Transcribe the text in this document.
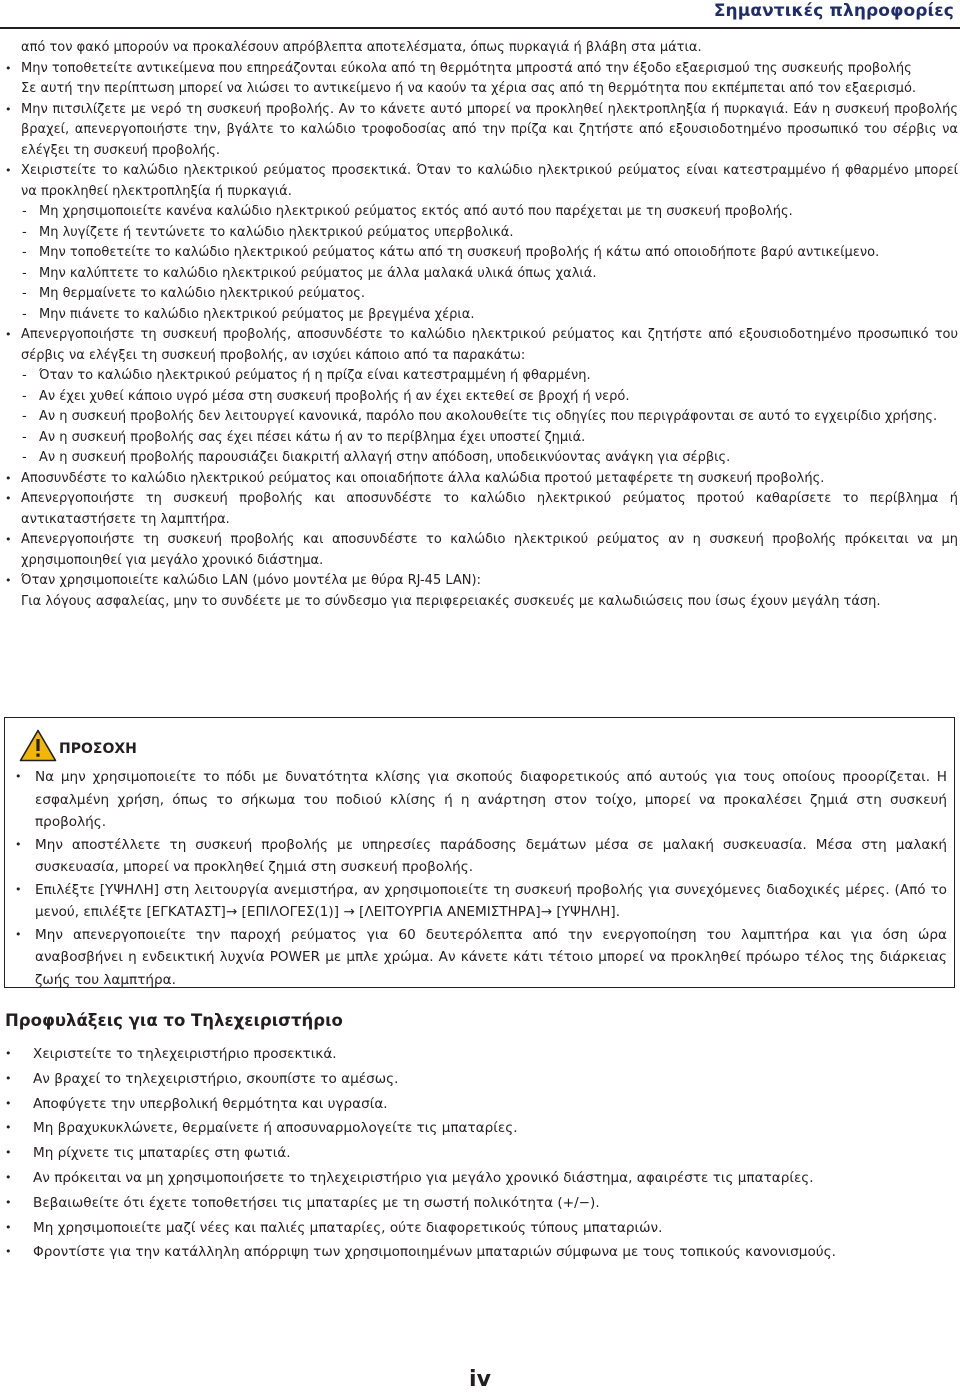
Σημαντικές πληροφορίες

από τον φακό μπορούν να προκαλέσουν απρόβλεπτα αποτελέσματα, όπως πυρκαγιά ή βλάβη στα μάτια.

• Μην τοποθετείτε αντικείμενα που επηρεάζονται εύκολα από τη θερμότητα μπροστά από την έξοδο εξαερισμού της συσκευής προβολής

Σε αυτή την περίπτωση μπορεί να λιώσει το αντικείμενο ή να καούν τα χέρια σας από τη θερμότητα που εκπέμπεται από τον εξαερισμό.

• Μην πιτσιλίζετε με νερό τη συσκευή προβολής. Αν το κάνετε αυτό μπορεί να προκληθεί ηλεκτροπληξία ή πυρκαγιά. Εάν η συσκευή προβολής βραχεί, απενεργοποιήστε την, βγάλτε το καλώδιο τροφοδοσίας από την πρίζα και ζητήστε από εξουσιοδοτημένο προσωπικό του σέρβις να ελέγξει τη συσκευή προβολής.

• Χειριστείτε το καλώδιο ηλεκτρικού ρεύματος προσεκτικά. Όταν το καλώδιο ηλεκτρικού ρεύματος είναι κατεστραμμένο ή φθαρμένο μπορεί να προκληθεί ηλεκτροπληξία ή πυρκαγιά.

- Μη χρησιμοποιείτε κανένα καλώδιο ηλεκτρικού ρεύματος εκτός από αυτό που παρέχεται με τη συσκευή προβολής.

- Μη λυγίζετε ή τεντώνετε το καλώδιο ηλεκτρικού ρεύματος υπερβολικά.

- Μην τοποθετείτε το καλώδιο ηλεκτρικού ρεύματος κάτω από τη συσκευή προβολής ή κάτω από οποιοδήποτε βαρύ αντικείμενο.

- Μην καλύπτετε το καλώδιο ηλεκτρικού ρεύματος με άλλα μαλακά υλικά όπως χαλιά.

- Μη θερμαίνετε το καλώδιο ηλεκτρικού ρεύματος.

- Μην πιάνετε το καλώδιο ηλεκτρικού ρεύματος με βρεγμένα χέρια.

• Απενεργοποιήστε τη συσκευή προβολής, αποσυνδέστε το καλώδιο ηλεκτρικού ρεύματος και ζητήστε από εξουσιοδοτημένο προσωπικό του σέρβις να ελέγξει τη συσκευή προβολής, αν ισχύει κάποιο από τα παρακάτω:

- Όταν το καλώδιο ηλεκτρικού ρεύματος ή η πρίζα είναι κατεστραμμένη ή φθαρμένη.

- Αν έχει χυθεί κάποιο υγρό μέσα στη συσκευή προβολής ή αν έχει εκτεθεί σε βροχή ή νερό.

- Αν η συσκευή προβολής δεν λειτουργεί κανονικά, παρόλο που ακολουθείτε τις οδηγίες που περιγράφονται σε αυτό το εγχειρίδιο χρήσης.

- Αν η συσκευή προβολής σας έχει πέσει κάτω ή αν το περίβλημα έχει υποστεί ζημιά.

- Αν η συσκευή προβολής παρουσιάζει διακριτή αλλαγή στην απόδοση, υποδεικνύοντας ανάγκη για σέρβις.

• Αποσυνδέστε το καλώδιο ηλεκτρικού ρεύματος και οποιαδήποτε άλλα καλώδια προτού μεταφέρετε τη συσκευή προβολής.

• Απενεργοποιήστε τη συσκευή προβολής και αποσυνδέστε το καλώδιο ηλεκτρικού ρεύματος προτού καθαρίσετε το περίβλημα ή αντικαταστήσετε τη λαμπτήρα.

• Απενεργοποιήστε τη συσκευή προβολής και αποσυνδέστε το καλώδιο ηλεκτρικού ρεύματος αν η συσκευή προβολής πρόκειται να μη χρησιμοποιηθεί για μεγάλο χρονικό διάστημα.

• Όταν χρησιμοποιείτε καλώδιο LAN (μόνο μοντέλα με θύρα RJ-45 LAN):

Για λόγους ασφαλείας, μην το συνδέετε με το σύνδεσμο για περιφερειακές συσκευές με καλωδιώσεις που ίσως έχουν μεγάλη τάση.

ΠΡΟΣΟΧΗ

• Να μην χρησιμοποιείτε το πόδι με δυνατότητα κλίσης για σκοπούς διαφορετικούς από αυτούς για τους οποίους προορίζεται. Η εσφαλμένη χρήση, όπως το σήκωμα του ποδιού κλίσης ή η ανάρτηση στον τοίχο, μπορεί να προκαλέσει ζημιά στη συσκευή προβολής.

• Μην αποστέλλετε τη συσκευή προβολής με υπηρεσίες παράδοσης δεμάτων μέσα σε μαλακή συσκευασία. Μέσα στη μαλακή συσκευασία, μπορεί να προκληθεί ζημιά στη συσκευή προβολής.

• Επιλέξτε [ΥΨΗΛΗ] στη λειτουργία ανεμιστήρα, αν χρησιμοποιείτε τη συσκευή προβολής για συνεχόμενες διαδοχικές μέρες. (Από το μενού, επιλέξτε [ΕΓΚΑΤΑΣΤ]→ [ΕΠΙΛΟΓΕΣ(1)] → [ΛΕΙΤΟΥΡΓΙΑ ΑΝΕΜΙΣΤΗΡΑ]→ [ΥΨΗΛΗ].

• Μην απενεργοποιείτε την παροχή ρεύματος για 60 δευτερόλεπτα από την ενεργοποίηση του λαμπτήρα και για όση ώρα αναβοσβήνει η ενδεικτική λυχνία POWER με μπλε χρώμα. Αν κάνετε κάτι τέτοιο μπορεί να προκληθεί πρόωρο τέλος της διάρκειας ζωής του λαμπτήρα.

Προφυλάξεις για το Τηλεχειριστήριο

• Χειριστείτε το τηλεχειριστήριο προσεκτικά.

• Αν βραχεί το τηλεχειριστήριο, σκουπίστε το αμέσως.

• Αποφύγετε την υπερβολική θερμότητα και υγρασία.

• Μη βραχυκυκλώνετε, θερμαίνετε ή αποσυναρμολογείτε τις μπαταρίες.

• Μη ρίχνετε τις μπαταρίες στη φωτιά.

• Αν πρόκειται να μη χρησιμοποιήσετε το τηλεχειριστήριο για μεγάλο χρονικό διάστημα, αφαιρέστε τις μπαταρίες.

• Βεβαιωθείτε ότι έχετε τοποθετήσει τις μπαταρίες με τη σωστή πολικότητα (+/−).

• Μη χρησιμοποιείτε μαζί νέες και παλιές μπαταρίες, ούτε διαφορετικούς τύπους μπαταριών.

• Φροντίστε για την κατάλληλη απόρριψη των χρησιμοποιημένων μπαταριών σύμφωνα με τους τοπικούς κανονισμούς.

iv
